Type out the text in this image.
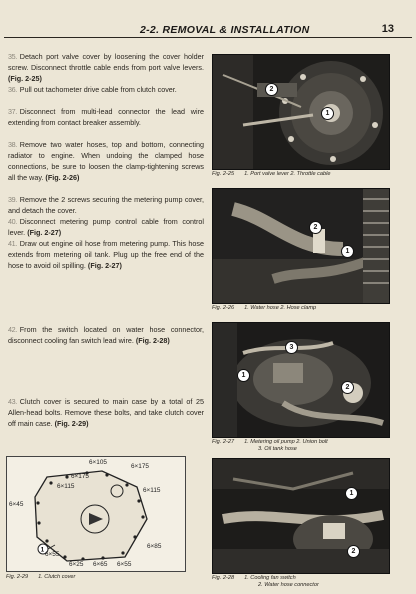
2-2. REMOVAL & INSTALLATION	13
35. Detach port valve cover by loosening the cover holder screw. Disconnect throttle cable ends from port valve levers. (Fig. 2-25)
36. Pull out tachometer drive cable from clutch cover.
37. Disconnect from multi-lead connector the lead wire extending from contact breaker assembly.
38. Remove two water hoses, top and bottom, connecting radiator to engine. When undoing the clamped hose connections, be sure to loosen the clamp-tightening screws all the way. (Fig. 2-26)
39. Remove the 2 screws securing the metering pump cover, and detach the cover.
40. Disconnect metering pump control cable from control lever. (Fig. 2-27)
41. Draw out engine oil hose from metering pump. This hose extends from metering oil tank. Plug up the free end of the hose to avoid oil spilling. (Fig. 2-27)
42. From the switch located on water hose connector, disconnect cooling fan switch lead wire. (Fig. 2-28)
43. Clutch cover is secured to main case by a total of 25 Allen-head bolts. Remove these bolts, and take clutch cover off main case. (Fig. 2-29)
2
1
Fig. 2-25 1. Port valve lever 2. Throttle cable
2
1
Fig. 2-26 1. Water hose 2. Hose clamp
3
1
2
Fig. 2-27 1. Metering oil pump 2. Union bolt
3. Oil tank hose
1
6×105
6×175
6×175
6×115
6×115
6×45
6×85
6×55
6×25 6×65 6×55
Fig. 2-29 1. Clutch cover
1
2
Fig. 2-28 1. Cooling fan switch
2. Water hose connector
